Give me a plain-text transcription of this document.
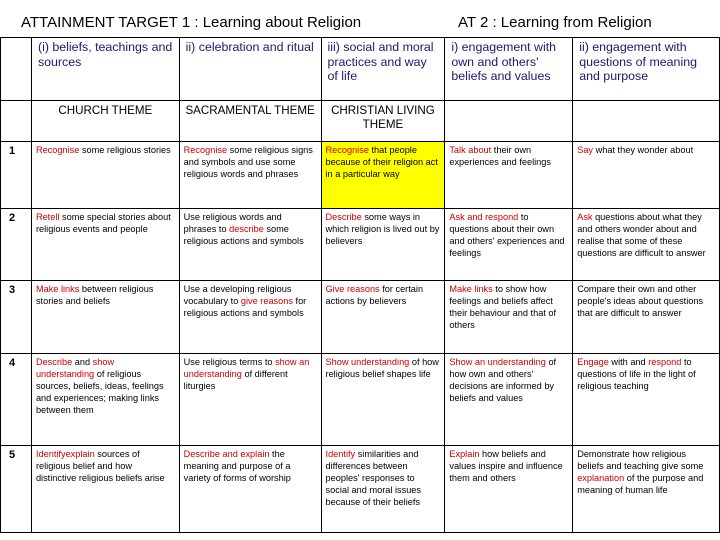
ATTAINMENT TARGET 1 : Learning about Religion	AT 2 : Learning from Religion
	(i) beliefs, teachings and sources	ii) celebration and ritual	iii) social and moral practices and way of life	i) engagement with own and others' beliefs and values	ii) engagement with questions of meaning and purpose
	CHURCH THEME	SACRAMENTAL THEME	CHRISTIAN LIVING THEME		
1	Recognise some religious stories	Recognise some religious signs and symbols and use some religious words and phrases	Recognise that people because of their religion act in a particular way	Talk about their own experiences and feelings	Say what they wonder about
2	Retell some special stories about religious events and people	Use religious words and phrases to describe some religious actions and symbols	Describe some ways in which religion is lived out by believers	Ask and respond to questions about their own and others' experiences and feelings	Ask questions about what they and others wonder about and realise that some of these questions are difficult to answer
3	Make links between religious stories and beliefs	Use a developing religious vocabulary to give reasons for religious actions and symbols	Give reasons for certain actions by believers	Make links to show how feelings and beliefs affect their behaviour and that of others	Compare their own and other people's ideas about questions that are difficult to answer
4	Describe and show understanding of religious sources, beliefs, ideas, feelings and experiences; making links between them	Use religious terms to show an understanding of different liturgies	Show understanding of how religious belief shapes life	Show an understanding of how own and others' decisions are informed by beliefs and values	Engage with and respond to questions of life in the light of religious teaching
5	Identifyexplain sources of religious belief and how distinctive religious beliefs arise	Describe and explain the meaning and purpose of a variety of forms of worship	Identify similarities and differences between peoples' responses to social and moral issues because of their beliefs	Explain how beliefs and values inspire and influence them and others	Demonstrate how religious beliefs and teaching give some explanation of the purpose and meaning of human life
